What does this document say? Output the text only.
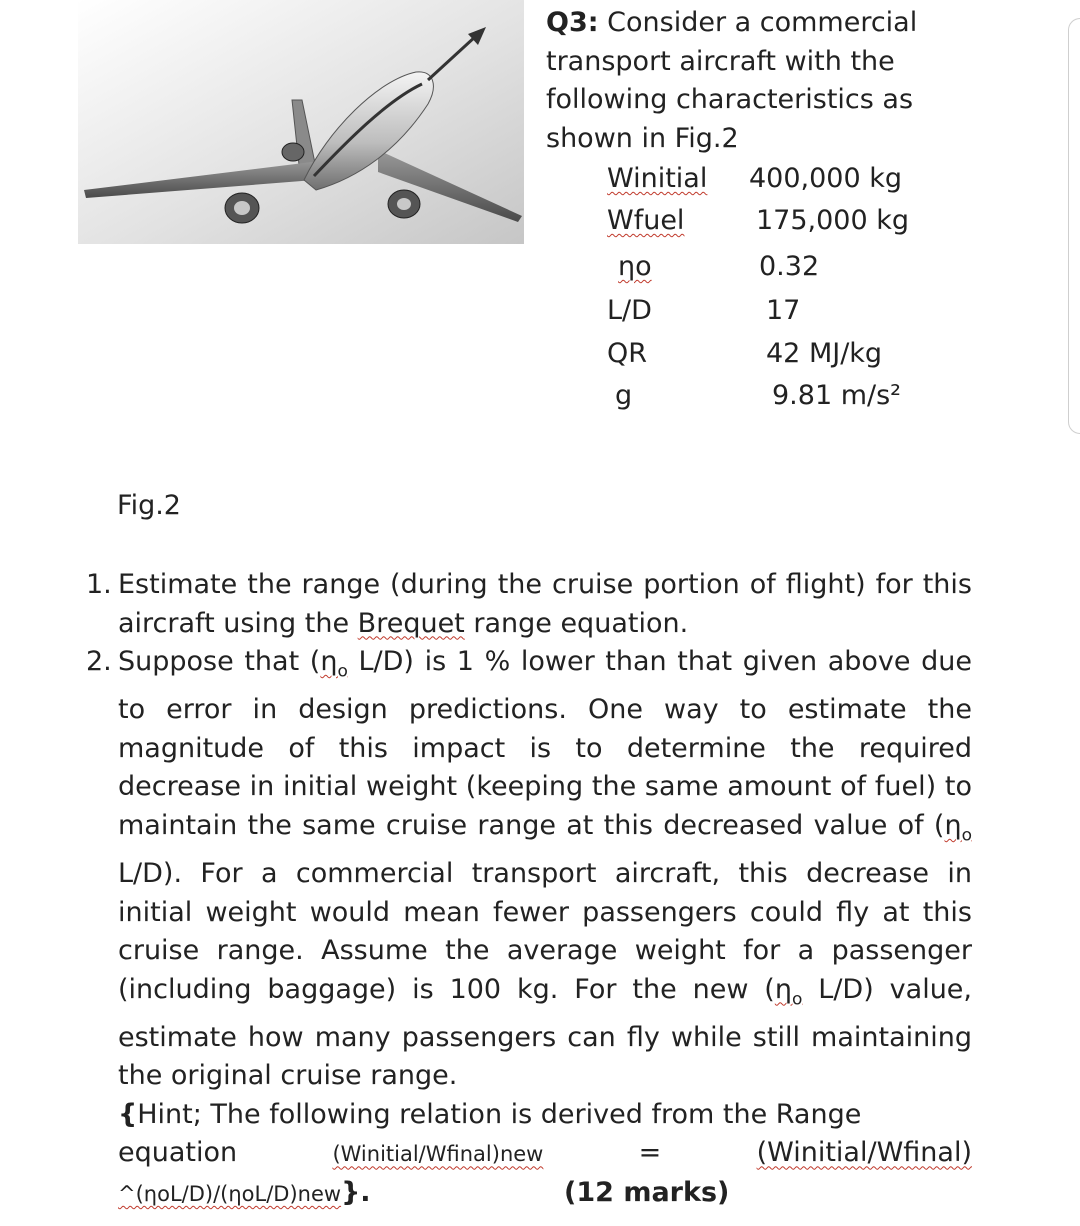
Q3: Consider a commercial transport aircraft with the following characteristics as shown in Fig.2

Winitial 400,000 kg
Wfuel	175,000 kg
ηo	0.32
L/D	17
QR	42 MJ/kg
g	9.81 m/s²

Fig.2

1. Estimate the range (during the cruise portion of flight) for this aircraft using the Brequet range equation.
2. Suppose that ($\eta_o$ L/D) is 1 % lower than that given above due to error in design predictions. One way to estimate the magnitude of this impact is to determine the required decrease in initial weight (keeping the same amount of fuel) to maintain the same cruise range at this decreased value of ($\eta_o$ L/D). For a commercial transport aircraft, this decrease in initial weight would mean fewer passengers could fly at this cruise range. Assume the average weight for a passenger (including baggage) is 100 kg. For the new ($\eta_o$ L/D) value, estimate how many passengers can fly while still maintaining the original cruise range.
{Hint; The following relation is derived from the Range
equation	(Winitial/Wfinal)new	=	(Winitial/Wfinal)
^(ηoL/D)/(ηoL/D)new}.	(12 marks)
